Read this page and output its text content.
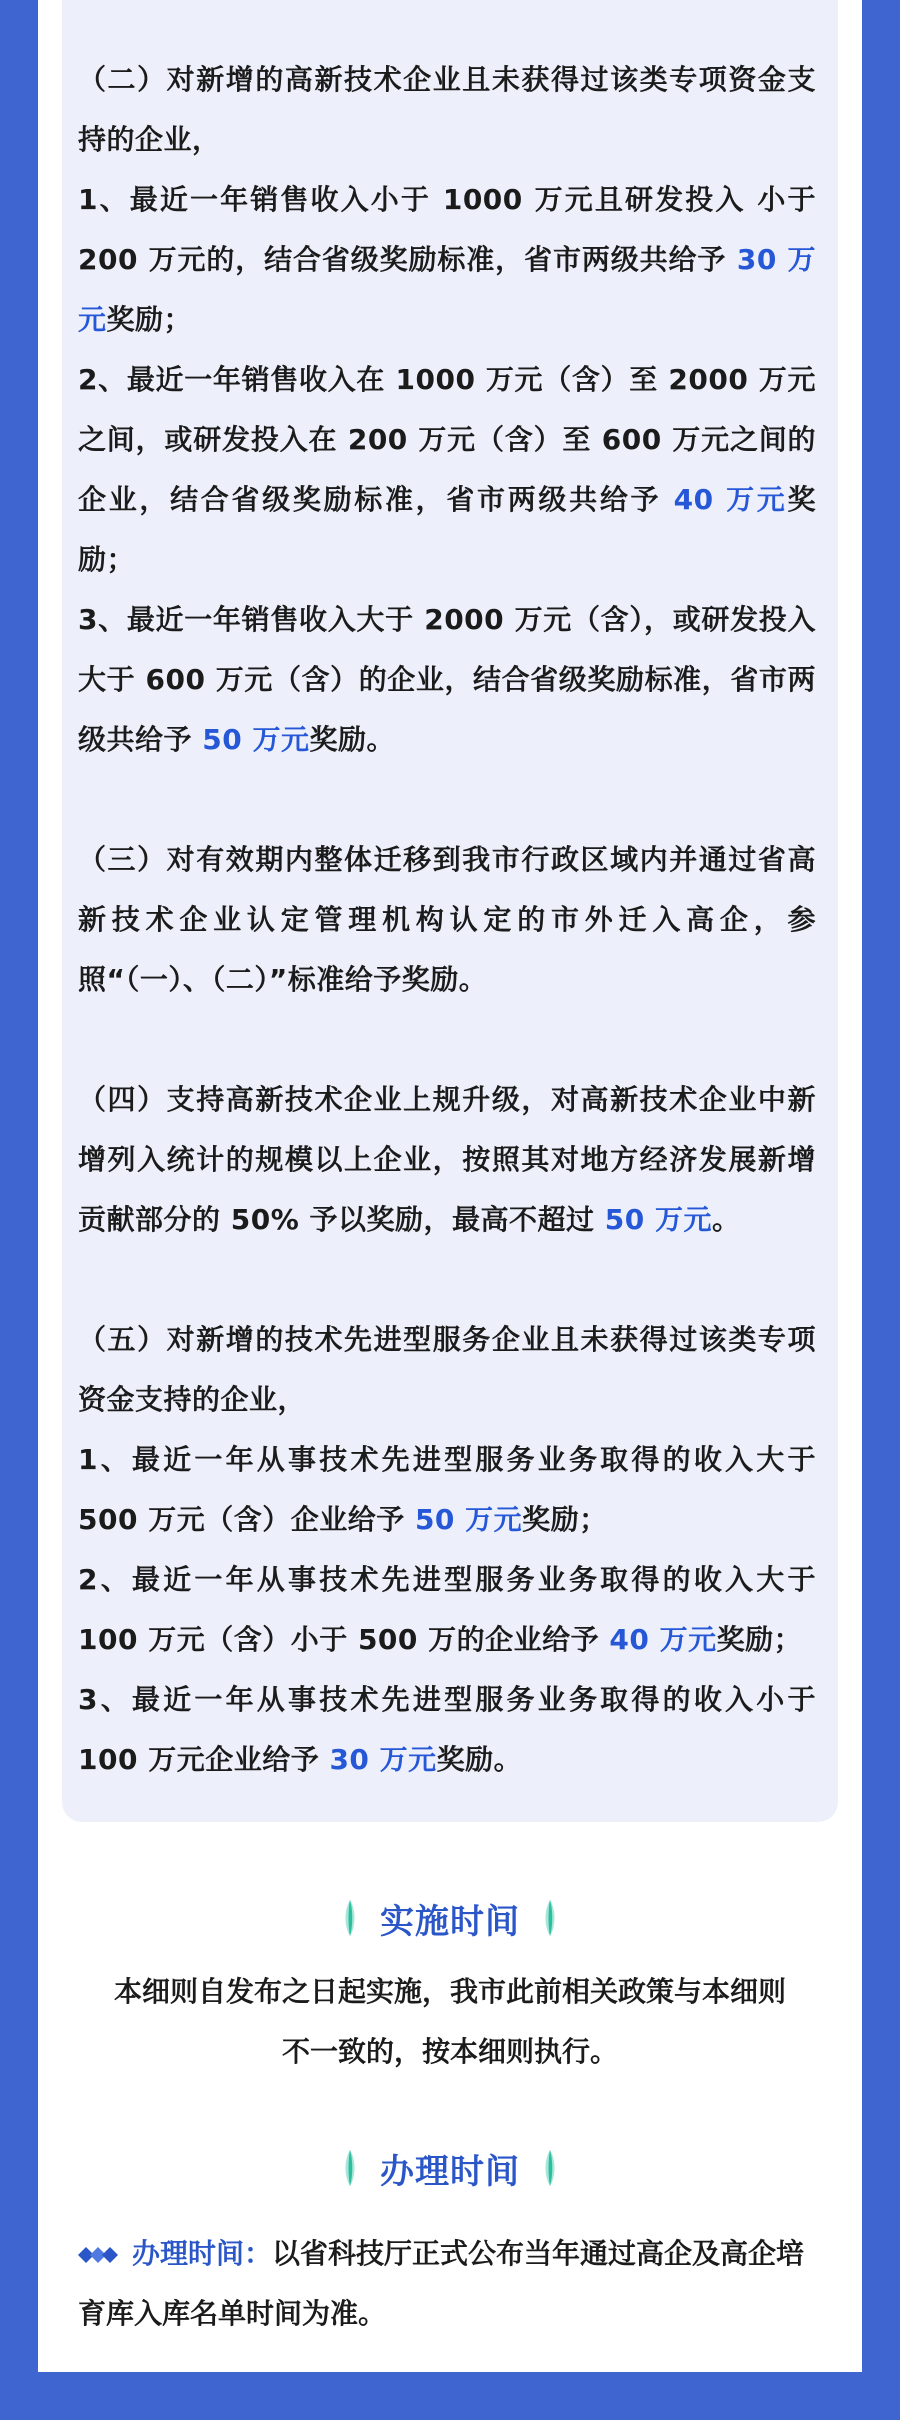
（二）对新增的高新技术企业且未获得过该类专项资金支持的企业，

1、最近一年销售收入小于 1000 万元且研发投入 小于 200 万元的，结合省级奖励标准，省市两级共给予 30 万元奖励；

2、最近一年销售收入在 1000 万元（含）至 2000 万元之间，或研发投入在 200 万元（含）至 600 万元之间的企业，结合省级奖励标准，省市两级共给予 40 万元奖励；

3、最近一年销售收入大于 2000 万元（含），或研发投入大于 600 万元（含）的企业，结合省级奖励标准，省市两级共给予 50 万元奖励。

（三）对有效期内整体迁移到我市行政区域内并通过省高新技术企业认定管理机构认定的市外迁入高企，参照“（一）、（二）”标准给予奖励。

（四）支持高新技术企业上规升级，对高新技术企业中新增列入统计的规模以上企业，按照其对地方经济发展新增贡献部分的 50% 予以奖励，最高不超过 50 万元。

（五）对新增的技术先进型服务企业且未获得过该类专项资金支持的企业，

1、最近一年从事技术先进型服务业务取得的收入大于 500 万元（含）企业给予 50 万元奖励；

2、最近一年从事技术先进型服务业务取得的收入大于 100 万元（含）小于 500 万的企业给予 40 万元奖励；

3、最近一年从事技术先进型服务业务取得的收入小于 100 万元企业给予 30 万元奖励。

实施时间

本细则自发布之日起实施，我市此前相关政策与本细则

不一致的，按本细则执行。

办理时间

办理时间：以省科技厅正式公布当年通过高企及高企培育库入库名单时间为准。
